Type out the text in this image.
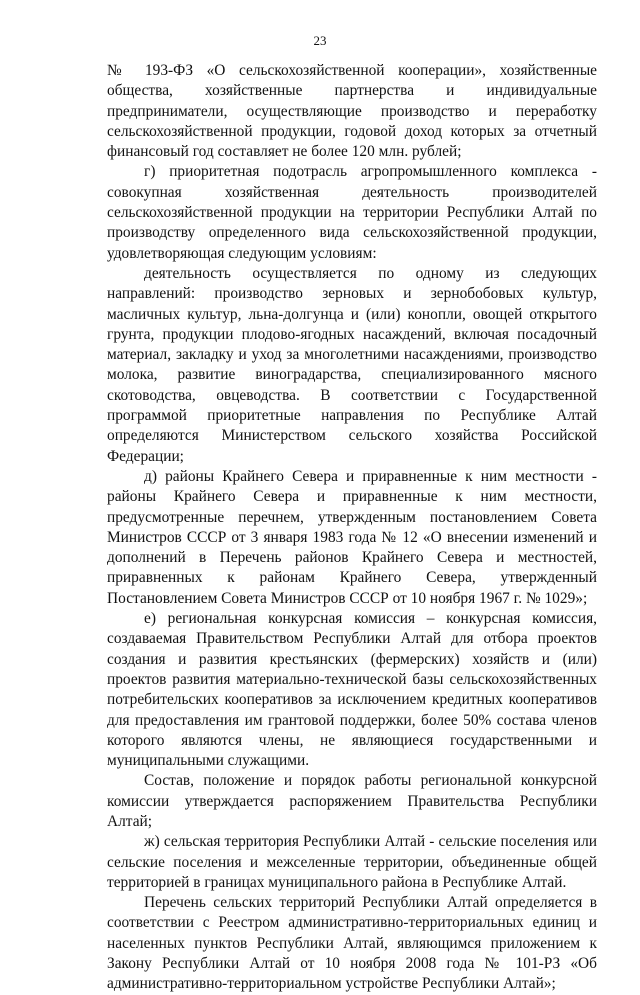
23

№ 193-ФЗ «О сельскохозяйственной кооперации», хозяйственные общества, хозяйственные партнерства и индивидуальные предприниматели, осуществляющие производство и переработку сельскохозяйственной продукции, годовой доход которых за отчетный финансовый год составляет не более 120 млн. рублей;

г) приоритетная подотрасль агропромышленного комплекса - совокупная хозяйственная деятельность производителей сельскохозяйственной продукции на территории Республики Алтай по производству определенного вида сельскохозяйственной продукции, удовлетворяющая следующим условиям:

деятельность осуществляется по одному из следующих направлений: производство зерновых и зернобобовых культур, масличных культур, льна-долгунца и (или) конопли, овощей открытого грунта, продукции плодово-ягодных насаждений, включая посадочный материал, закладку и уход за многолетними насаждениями, производство молока, развитие виноградарства, специализированного мясного скотоводства, овцеводства. В соответствии с Государственной программой приоритетные направления по Республике Алтай определяются Министерством сельского хозяйства Российской Федерации;

д) районы Крайнего Севера и приравненные к ним местности - районы Крайнего Севера и приравненные к ним местности, предусмотренные перечнем, утвержденным постановлением Совета Министров СССР от 3 января 1983 года № 12 «О внесении изменений и дополнений в Перечень районов Крайнего Севера и местностей, приравненных к районам Крайнего Севера, утвержденный Постановлением Совета Министров СССР от 10 ноября 1967 г. № 1029»;

е) региональная конкурсная комиссия – конкурсная комиссия, создаваемая Правительством Республики Алтай для отбора проектов создания и развития крестьянских (фермерских) хозяйств и (или) проектов развития материально-технической базы сельскохозяйственных потребительских кооперативов за исключением кредитных кооперативов для предоставления им грантовой поддержки, более 50% состава членов которого являются члены, не являющиеся государственными и муниципальными служащими.

Состав, положение и порядок работы региональной конкурсной комиссии утверждается распоряжением Правительства Республики Алтай;

ж) сельская территория Республики Алтай - сельские поселения или сельские поселения и межселенные территории, объединенные общей территорией в границах муниципального района в Республике Алтай.

Перечень сельских территорий Республики Алтай определяется в соответствии с Реестром административно-территориальных единиц и населенных пунктов Республики Алтай, являющимся приложением к Закону Республики Алтай от 10 ноября 2008 года № 101-РЗ «Об административно-территориальном устройстве Республики Алтай»;
